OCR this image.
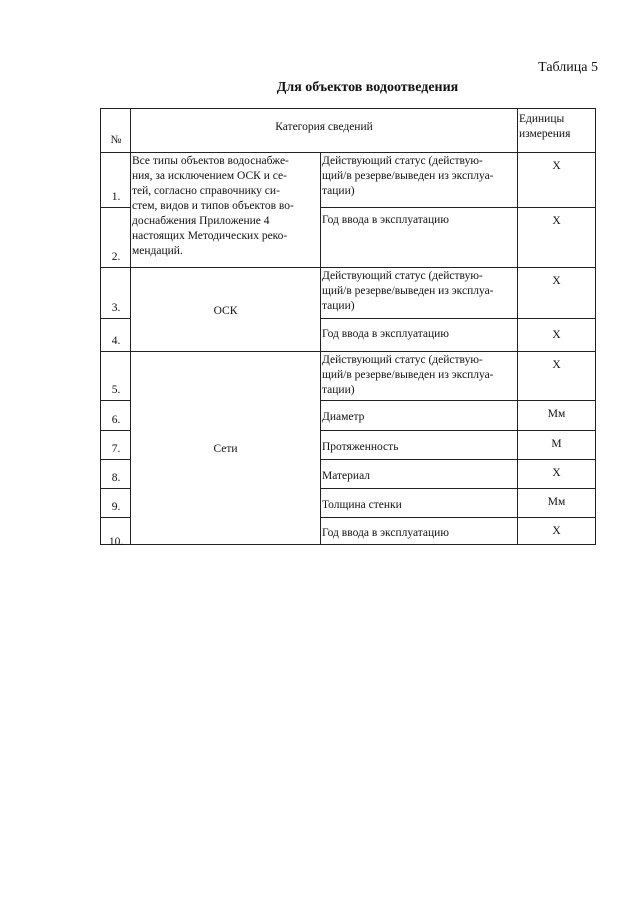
Таблица 5
Для объектов водоотведения
№
Категория сведений
Единицы измерения
1.
2.
3.
4.
5.
6.
7.
8.
9.
10.
Все типы объектов водоснабже-
ния, за исключением ОСК и се-
тей, согласно справочнику си-
стем, видов и типов объектов во-
доснабжения Приложение 4
настоящих Методических реко-
мендаций.
ОСК
Сети
Действующий статус (действую-
щий/в резерве/выведен из эксплуа-
тации)
Год ввода в эксплуатацию
Действующий статус (действую-
щий/в резерве/выведен из эксплуа-
тации)
Год ввода в эксплуатацию
Действующий статус (действую-
щий/в резерве/выведен из эксплуа-
тации)
Диаметр
Протяженность
Материал
Толщина стенки
Год ввода в эксплуатацию
Х
Х
Х
Х
Х
Мм
М
Х
Мм
Х
